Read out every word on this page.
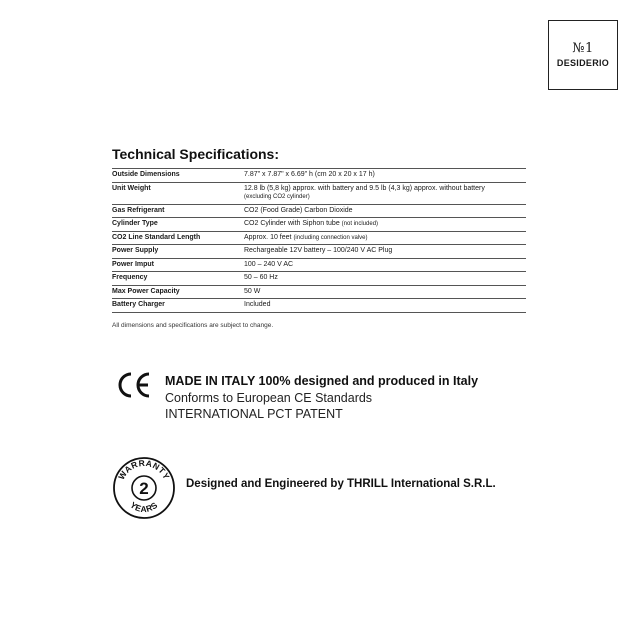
№1
DESIDERIO
Technical Specifications:
Outside Dimensions	7.87" x 7.87" x 6.69" h (cm 20 x 20 x 17 h)
Unit Weight	12.8 lb (5,8 kg) approx. with battery and 9.5 lb (4,3 kg) approx. without battery
(excluding CO2 cylinder)
Gas Refrigerant	CO2 (Food Grade) Carbon Dioxide
Cylinder Type	CO2 Cylinder with Siphon tube (not included)
CO2 Line Standard Length	Approx. 10 feet (including connection valve)
Power Supply	Rechargeable 12V battery – 100/240 V AC Plug
Power Imput	100 – 240 V AC
Frequency	50 – 60 Hz
Max Power Capacity	50 W
Battery Charger	Included
All dimensions and specifications are subject to change.
MADE IN ITALY 100% designed and produced in Italy
Conforms to European CE Standards
INTERNATIONAL PCT PATENT
WARRANTY
2
YEARS
Designed and Engineered by THRILL International S.R.L.
